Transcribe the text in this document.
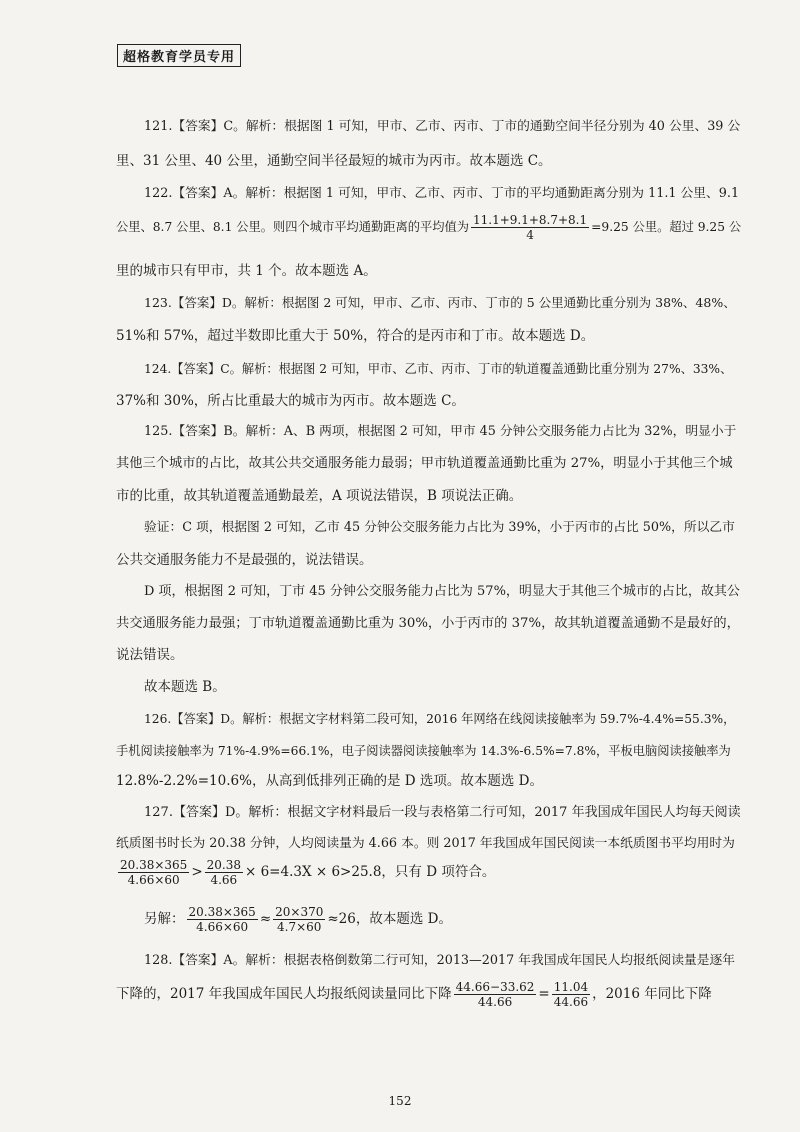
超格教育学员专用
121.【答案】C。解析：根据图 1 可知，甲市、乙市、丙市、丁市的通勤空间半径分别为 40 公里、39 公
里、31 公里、40 公里，通勤空间半径最短的城市为丙市。故本题选 C。
122.【答案】A。解析：根据图 1 可知，甲市、乙市、丙市、丁市的平均通勤距离分别为 11.1 公里、9.1
公里、8.7 公里、8.1 公里。则四个城市平均通勤距离的平均值为 $\frac{11.1+9.1+8.7+8.1}{4} =9.25$ 公里。超过 9.25 公
里的城市只有甲市，共 1 个。故本题选 A。
123.【答案】D。解析：根据图 2 可知，甲市、乙市、丙市、丁市的 5 公里通勤比重分别为 38%、48%、
51%和 57%，超过半数即比重大于 50%，符合的是丙市和丁市。故本题选 D。
124.【答案】C。解析：根据图 2 可知，甲市、乙市、丙市、丁市的轨道覆盖通勤比重分别为 27%、33%、
37%和 30%，所占比重最大的城市为丙市。故本题选 C。
125.【答案】B。解析：A、B 两项，根据图 2 可知，甲市 45 分钟公交服务能力占比为 32%，明显小于
其他三个城市的占比，故其公共交通服务能力最弱；甲市轨道覆盖通勤比重为 27%，明显小于其他三个城
市的比重，故其轨道覆盖通勤最差，A 项说法错误，B 项说法正确。
验证：C 项，根据图 2 可知，乙市 45 分钟公交服务能力占比为 39%，小于丙市的占比 50%，所以乙市
公共交通服务能力不是最强的，说法错误。
D 项，根据图 2 可知，丁市 45 分钟公交服务能力占比为 57%，明显大于其他三个城市的占比，故其公
共交通服务能力最强；丁市轨道覆盖通勤比重为 30%，小于丙市的 37%，故其轨道覆盖通勤不是最好的，
说法错误。
故本题选 B。
126.【答案】D。解析：根据文字材料第二段可知，2016 年网络在线阅读接触率为 59.7%-4.4%=55.3%，
手机阅读接触率为 71%-4.9%=66.1%，电子阅读器阅读接触率为 14.3%-6.5%=7.8%，平板电脑阅读接触率为
12.8%-2.2%=10.6%，从高到低排列正确的是 D 选项。故本题选 D。
127.【答案】D。解析：根据文字材料最后一段与表格第二行可知，2017 年我国成年国民人均每天阅读
纸质图书时长为 20.38 分钟，人均阅读量为 4.66 本。则 2017 年我国成年国民阅读一本纸质图书平均用时为
$\frac{20.38\times 365}{4.66\times 60} > \frac{20.38}{4.66} \times 6=4.3X \times 6>25.8$，只有 D 项符合。
另解： $\frac{20.38\times 365}{4.66\times 60} \approx \frac{20\times 370}{4.7\times 60} \approx 26$，故本题选 D。
128.【答案】A。解析：根据表格倒数第二行可知，2013—2017 年我国成年国民人均报纸阅读量是逐年
下降的，2017 年我国成年国民人均报纸阅读量同比下降 $\frac{44.66-33.62}{44.66} = \frac{11.04}{44.66}$ ，2016 年同比下降
152
